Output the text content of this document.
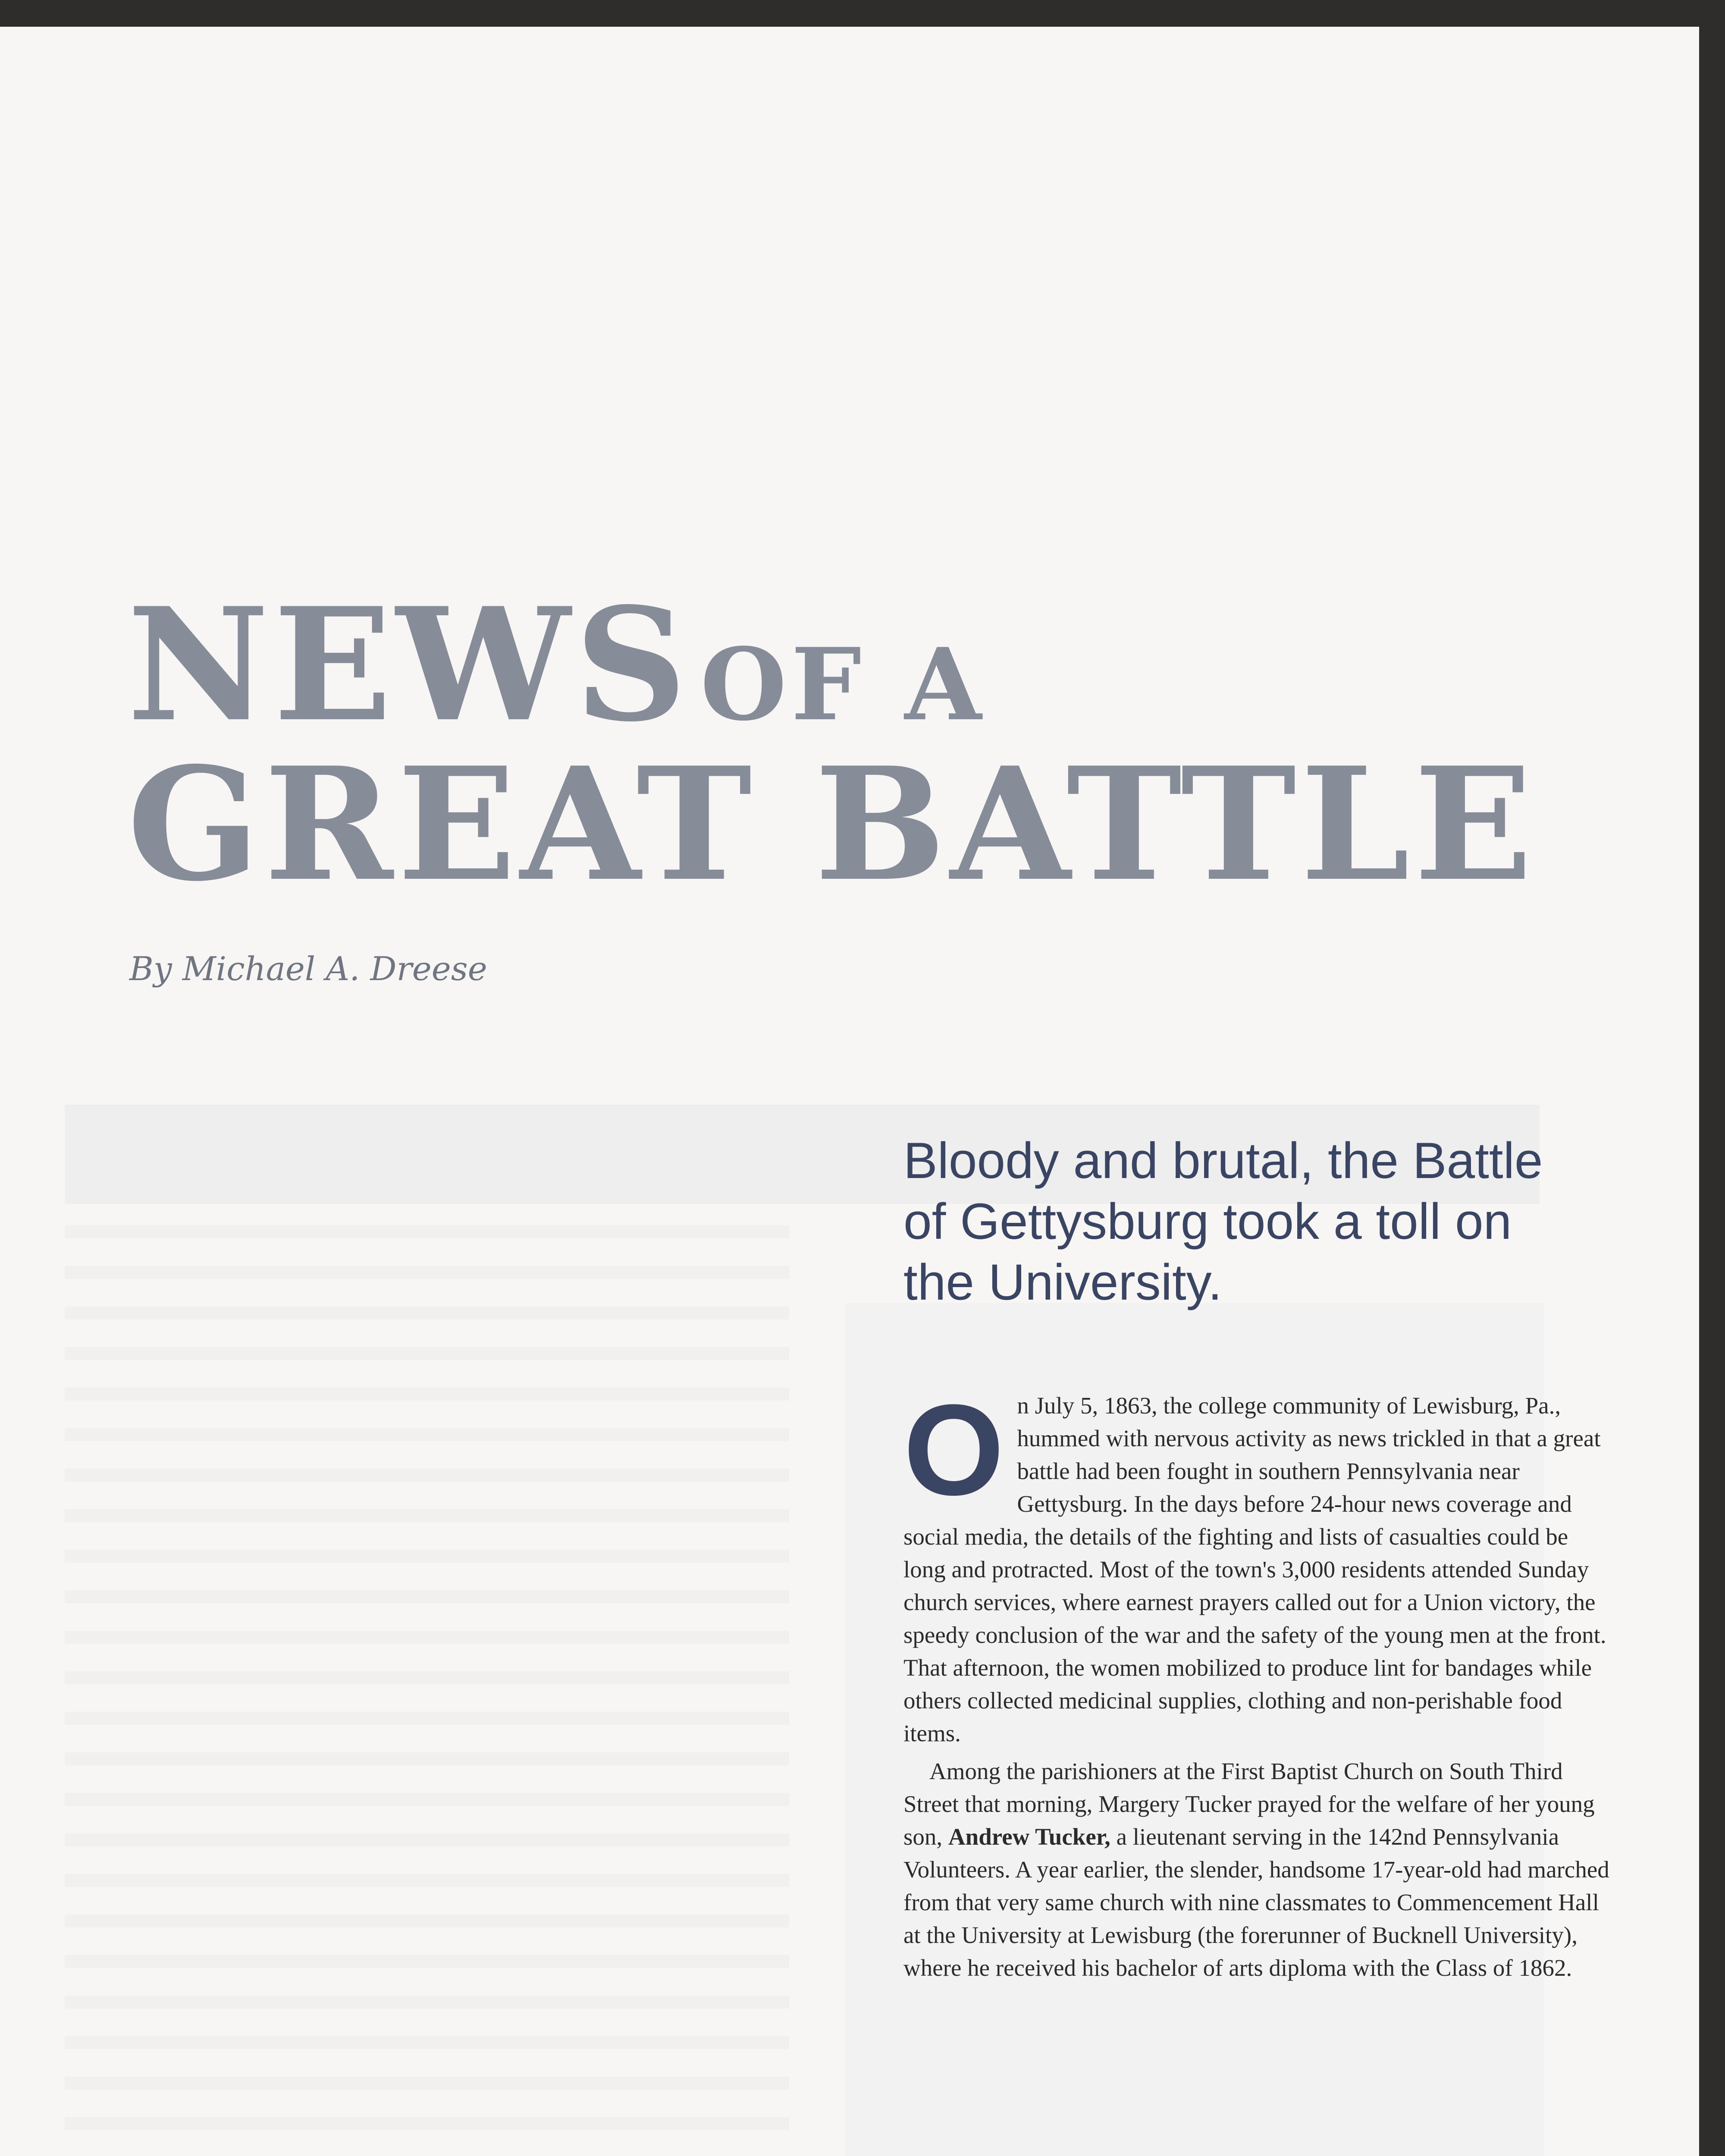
NEWS OF A
GREAT BATTLE
By Michael A. Dreese
Bloody and brutal, the Battle of Gettysburg took a toll on the University.

On July 5, 1863, the college community of Lewisburg, Pa., hummed with nervous activity as news trickled in that a great battle had been fought in southern Pennsylvania near Gettysburg. In the days before 24-hour news coverage and social media, the details of the fighting and lists of casualties could be long and protracted. Most of the town's 3,000 residents attended Sunday church services, where earnest prayers called out for a Union victory, the speedy conclusion of the war and the safety of the young men at the front. That afternoon, the women mobilized to produce lint for bandages while others collected medicinal supplies, clothing and non-perishable food items.

Among the parishioners at the First Baptist Church on South Third Street that morning, Margery Tucker prayed for the welfare of her young son, Andrew Tucker, a lieutenant serving in the 142nd Pennsylvania Volunteers. A year earlier, the slender, handsome 17-year-old had marched from that very same church with nine classmates to Commencement Hall at the University at Lewisburg (the forerunner of Bucknell University), where he received his bachelor of arts diploma with the Class of 1862.
